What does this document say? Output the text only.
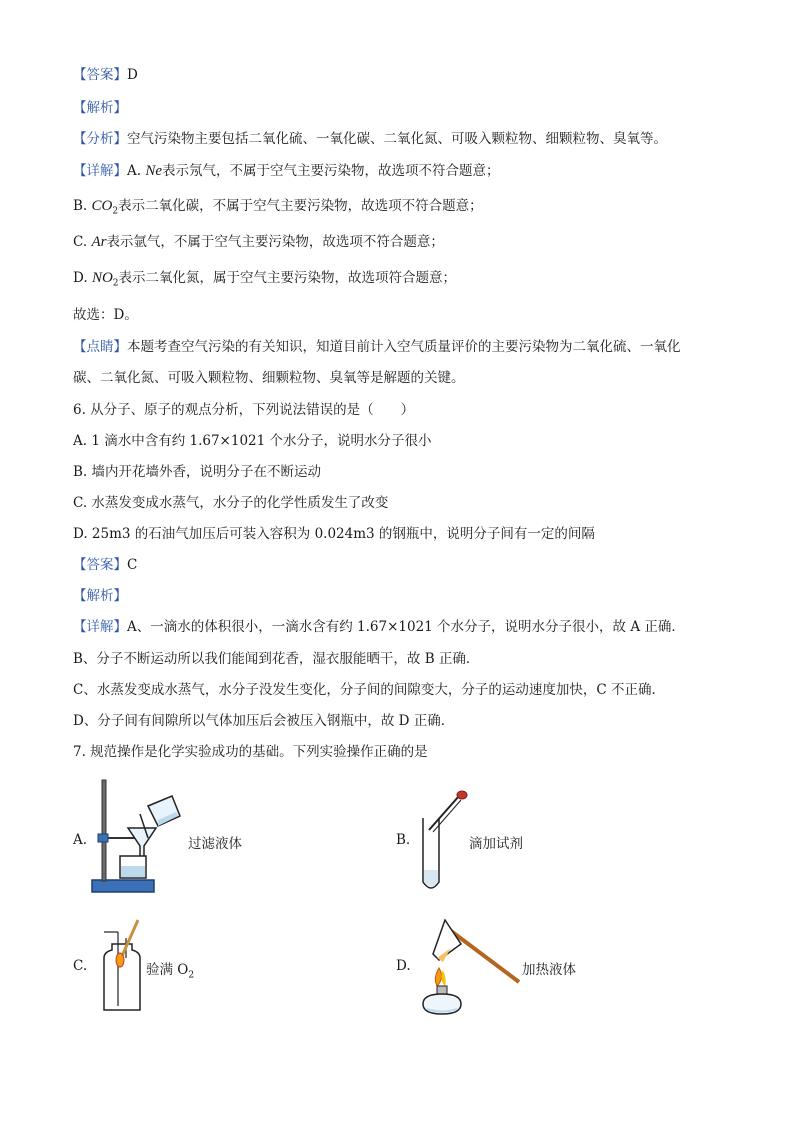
【答案】D
【解析】
【分析】空气污染物主要包括二氧化硫、一氧化碳、二氧化氮、可吸入颗粒物、细颗粒物、臭氧等。
【详解】A. Ne表示氖气，不属于空气主要污染物，故选项不符合题意；
B. $CO_2$表示二氧化碳，不属于空气主要污染物，故选项不符合题意；
C. Ar表示氩气，不属于空气主要污染物，故选项不符合题意；
D. $NO_2$表示二氧化氮，属于空气主要污染物，故选项符合题意；
故选：D。
【点睛】本题考查空气污染的有关知识，知道目前计入空气质量评价的主要污染物为二氧化硫、一氧化
碳、二氧化氮、可吸入颗粒物、细颗粒物、臭氧等是解题的关键。
6. 从分子、原子的观点分析，下列说法错误的是（　　）
A. 1 滴水中含有约 1.67×1021 个水分子，说明水分子很小
B. 墙内开花墙外香，说明分子在不断运动
C. 水蒸发变成水蒸气，水分子的化学性质发生了改变
D. 25m3 的石油气加压后可装入容积为 0.024m3 的钢瓶中，说明分子间有一定的间隔
【答案】C
【解析】
【详解】A、一滴水的体积很小，一滴水含有约 1.67×1021 个水分子，说明水分子很小，故 A 正确．
B、分子不断运动所以我们能闻到花香，湿衣服能晒干，故 B 正确．
C、水蒸发变成水蒸气，水分子没发生变化，分子间的间隙变大，分子的运动速度加快，C 不正确．
D、分子间有间隙所以气体加压后会被压入钢瓶中，故 D 正确．
7. 规范操作是化学实验成功的基础。下列实验操作正确的是
A.	过滤液体	B.	滴加试剂
C.	验满 $O_2$
D.	加热液体
